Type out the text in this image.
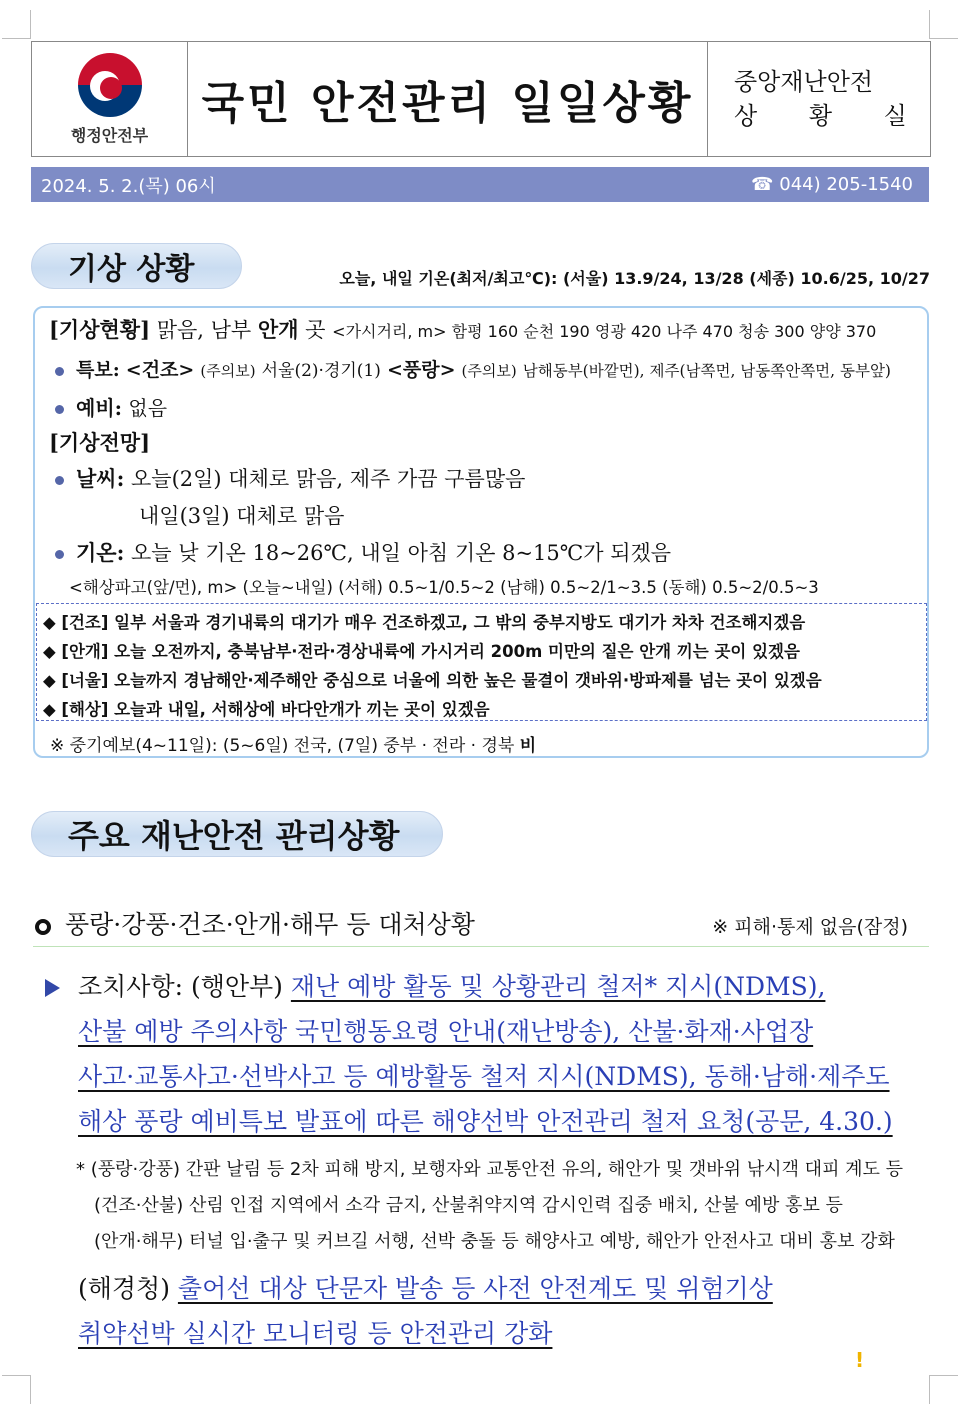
행정안전부
국민 안전관리 일일상황	중앙재난안전
상 황 실
2024. 5. 2.(목) 06시	☎ 044) 205-1540
기상 상황	오늘, 내일 기온(최저/최고℃): (서울) 13.9/24, 13/28 (세종) 10.6/25, 10/27
[기상현황] 맑음, 남부 안개 곳 <가시거리, m> 함평 160 순천 190 영광 420 나주 470 청송 300 양양 370
특보: <건조> (주의보) 서울(2)·경기(1) <풍랑> (주의보) 남해동부(바깥먼), 제주(남쪽먼, 남동쪽안쪽먼, 동부앞)
예비: 없음
[기상전망]
날씨: 오늘(2일) 대체로 맑음, 제주 가끔 구름많음
내일(3일) 대체로 맑음
기온: 오늘 낮 기온 18~26℃, 내일 아침 기온 8~15℃가 되겠음
<해상파고(앞/먼), m> (오늘~내일) (서해) 0.5~1/0.5~2 (남해) 0.5~2/1~3.5 (동해) 0.5~2/0.5~3
◆ [건조] 일부 서울과 경기내륙의 대기가 매우 건조하겠고, 그 밖의 중부지방도 대기가 차차 건조해지겠음
◆ [안개] 오늘 오전까지, 충북남부·전라·경상내륙에 가시거리 200m 미만의 짙은 안개 끼는 곳이 있겠음
◆ [너울] 오늘까지 경남해안·제주해안 중심으로 너울에 의한 높은 물결이 갯바위·방파제를 넘는 곳이 있겠음
◆ [해상] 오늘과 내일, 서해상에 바다안개가 끼는 곳이 있겠음
※ 중기예보(4~11일): (5~6일) 전국, (7일) 중부 · 전라 · 경북 비
주요 재난안전 관리상황
풍랑·강풍·건조·안개·해무 등 대처상황	※ 피해·통제 없음(잠정)
조치사항: (행안부) 재난 예방 활동 및 상황관리 철저* 지시(NDMS),
산불 예방 주의사항 국민행동요령 안내(재난방송), 산불·화재·사업장
사고·교통사고·선박사고 등 예방활동 철저 지시(NDMS), 동해·남해·제주도
해상 풍랑 예비특보 발표에 따른 해양선박 안전관리 철저 요청(공문, 4.30.)
* (풍랑·강풍) 간판 날림 등 2차 피해 방지, 보행자와 교통안전 유의, 해안가 및 갯바위 낚시객 대피 계도 등
(건조·산불) 산림 인접 지역에서 소각 금지, 산불취약지역 감시인력 집중 배치, 산불 예방 홍보 등
(안개·해무) 터널 입·출구 및 커브길 서행, 선박 충돌 등 해양사고 예방, 해안가 안전사고 대비 홍보 강화
(해경청) 출어선 대상 단문자 발송 등 사전 안전계도 및 위험기상
취약선박 실시간 모니터링 등 안전관리 강화
!
